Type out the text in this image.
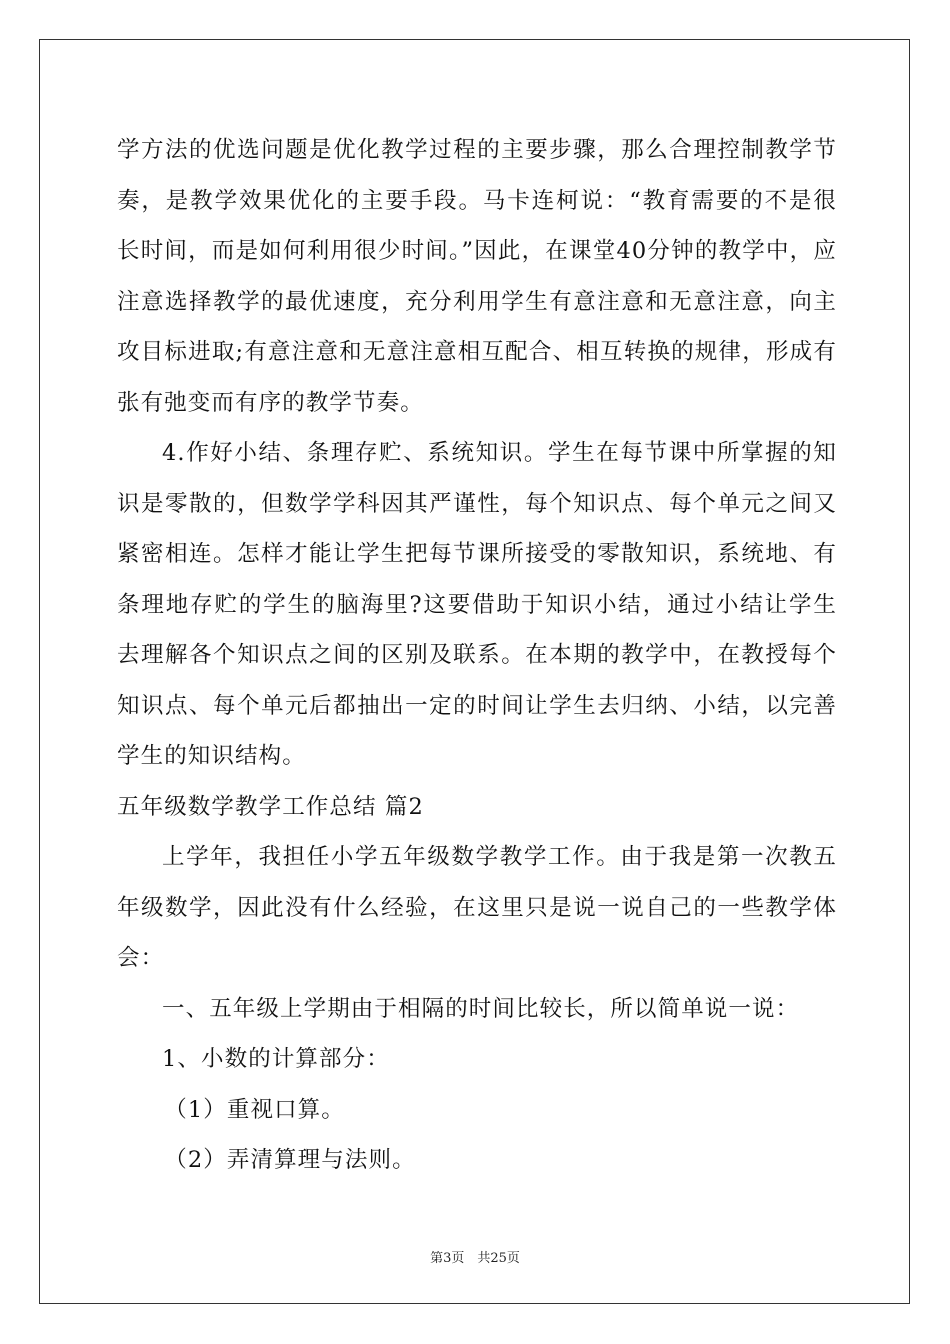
学方法的优选问题是优化教学过程的主要步骤，那么合理控制教学节奏，是教学效果优化的主要手段。马卡连柯说：“教育需要的不是很长时间，而是如何利用很少时间。”因此，在课堂40分钟的教学中，应注意选择教学的最优速度，充分利用学生有意注意和无意注意，向主攻目标进取;有意注意和无意注意相互配合、相互转换的规律，形成有张有弛变而有序的教学节奏。

4.作好小结、条理存贮、系统知识。学生在每节课中所掌握的知识是零散的，但数学学科因其严谨性，每个知识点、每个单元之间又紧密相连。怎样才能让学生把每节课所接受的零散知识，系统地、有条理地存贮的学生的脑海里?这要借助于知识小结，通过小结让学生去理解各个知识点之间的区别及联系。在本期的教学中，在教授每个知识点、每个单元后都抽出一定的时间让学生去归纳、小结，以完善学生的知识结构。

五年级数学教学工作总结 篇2

上学年，我担任小学五年级数学教学工作。由于我是第一次教五年级数学，因此没有什么经验，在这里只是说一说自己的一些教学体会：

一、五年级上学期由于相隔的时间比较长，所以简单说一说：

1、小数的计算部分：

（1）重视口算。

（2）弄清算理与法则。

第3页　共25页
